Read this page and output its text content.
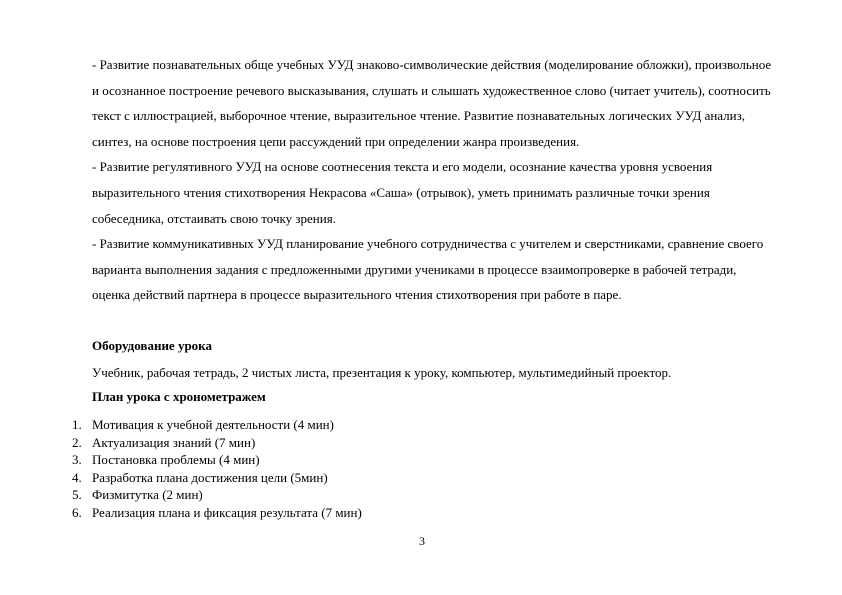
- Развитие познавательных обще учебных УУД знаково-символические действия (моделирование обложки), произвольное и осознанное построение речевого высказывания, слушать и слышать художественное слово (читает учитель), соотносить текст с иллюстрацией, выборочное чтение, выразительное чтение. Развитие познавательных логических УУД анализ, синтез, на основе построения цепи рассуждений при определении жанра произведения.

- Развитие регулятивного УУД на основе соотнесения текста и его модели, осознание качества уровня усвоения выразительного чтения стихотворения Некрасова «Саша» (отрывок), уметь принимать различные точки зрения собеседника, отстаивать свою точку зрения.

- Развитие коммуникативных УУД планирование учебного сотрудничества с учителем и сверстниками, сравнение своего варианта выполнения задания с предложенными другими учениками в процессе взаимопроверке в рабочей тетради, оценка действий партнера в процессе выразительного чтения стихотворения при работе в паре.

Оборудование урока

Учебник, рабочая тетрадь, 2 чистых листа, презентация к уроку, компьютер, мультимедийный проектор.

План урока с хронометражем

1. Мотивация к учебной деятельности (4 мин)
2. Актуализация знаний (7 мин)
3. Постановка проблемы (4 мин)
4. Разработка плана достижения цели (5мин)
5. Физмитутка (2 мин)
6. Реализация плана и фиксация результата (7 мин)
3
